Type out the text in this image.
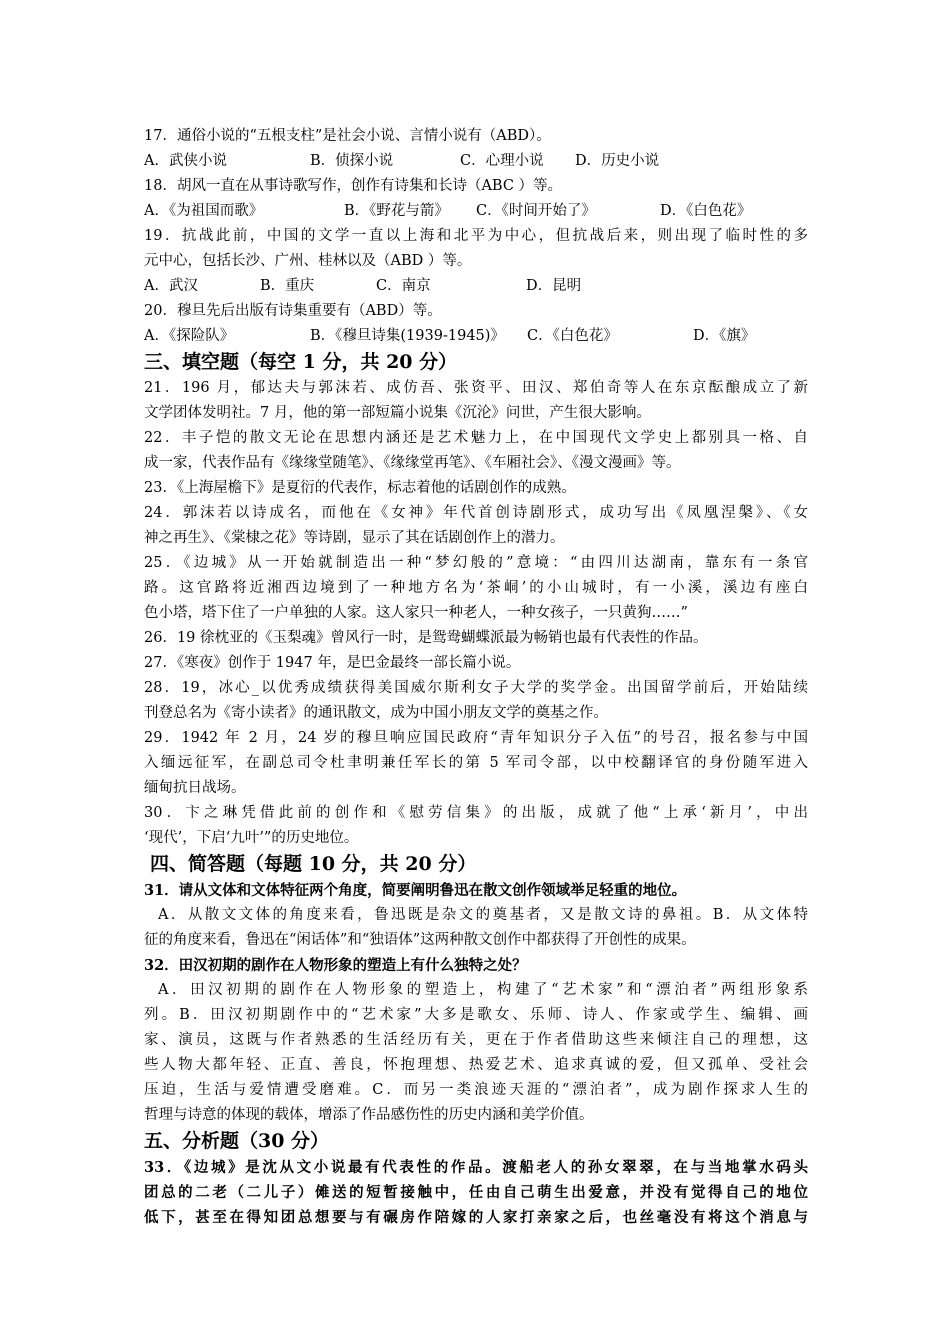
17．通俗小说的“五根支柱”是社会小说、言情小说有（ABD）。
A．武侠小说	B．侦探小说	C．心理小说	D．历史小说
18．胡风一直在从事诗歌写作，创作有诗集和长诗（ABC ）等。
A．《为祖国而歌》	B．《野花与箭》	C．《时间开始了》	D．《白色花》
19．抗战此前，中国的文学一直以上海和北平为中心，但抗战后来，则出现了临时性的多
元中心，包括长沙、广州、桂林以及（ABD ）等。
A．武汉	B．重庆	C．南京	D．昆明
20．穆旦先后出版有诗集重要有（ABD）等。
A．《探险队》	B．《穆旦诗集(1939-1945)》	C．《白色花》	D．《旗》
三、填空题（每空 1 分，共 20 分）
21．196 月，郁达夫与郭沫若、成仿吾、张资平、田汉、郑伯奇等人在东京酝酿成立了新
文学团体发明社。7 月，他的第一部短篇小说集《沉沦》问世，产生很大影响。
22．丰子恺的散文无论在思想内涵还是艺术魅力上，在中国现代文学史上都别具一格、自
成一家，代表作品有《缘缘堂随笔》、《缘缘堂再笔》、《车厢社会》、《漫文漫画》等。
23．《上海屋檐下》是夏衍的代表作，标志着他的话剧创作的成熟。
24．郭沫若以诗成名，而他在《女神》年代首创诗剧形式，成功写出《凤凰涅槃》、《女
神之再生》、《棠棣之花》等诗剧，显示了其在话剧创作上的潜力。
25．《边城》从一开始就制造出一种“梦幻般的”意境：“由四川达湖南，靠东有一条官
路。这官路将近湘西边境到了一种地方名为‘茶峒’的小山城时，有一小溪，溪边有座白
色小塔，塔下住了一户单独的人家。这人家只一种老人，一种女孩子，一只黄狗……”
26．19 徐枕亚的《玉梨魂》曾风行一时，是鸳鸯蝴蝶派最为畅销也最有代表性的作品。
27．《寒夜》创作于 1947 年，是巴金最终一部长篇小说。
28．19，冰心_以优秀成绩获得美国威尔斯利女子大学的奖学金。出国留学前后，开始陆续
刊登总名为《寄小读者》的通讯散文，成为中国小朋友文学的奠基之作。
29．1942 年 2 月，24 岁的穆旦响应国民政府“青年知识分子入伍”的号召，报名参与中国
入缅远征军，在副总司令杜聿明兼任军长的第 5 军司令部，以中校翻译官的身份随军进入
缅甸抗日战场。
30．卞之琳凭借此前的创作和《慰劳信集》的出版，成就了他“上承‘新月’，中出
‘现代’，下启‘九叶’”的历史地位。
四、简答题（每题 10 分，共 20 分）
31．请从文体和文体特征两个角度，简要阐明鲁迅在散文创作领域举足轻重的地位。
A．从散文文体的角度来看，鲁迅既是杂文的奠基者，又是散文诗的鼻祖。B．从文体特
征的角度来看，鲁迅在“闲话体”和“独语体”这两种散文创作中都获得了开创性的成果。
32．田汉初期的剧作在人物形象的塑造上有什么独特之处？
A．田汉初期的剧作在人物形象的塑造上，构建了“艺术家”和“漂泊者”两组形象系
列。B．田汉初期剧作中的“艺术家”大多是歌女、乐师、诗人、作家或学生、编辑、画
家、演员，这既与作者熟悉的生活经历有关，更在于作者借助这些来倾注自己的理想，这
些人物大都年轻、正直、善良，怀抱理想、热爱艺术、追求真诚的爱，但又孤单、受社会
压迫，生活与爱情遭受磨难。C．而另一类浪迹天涯的“漂泊者”，成为剧作探求人生的
哲理与诗意的体现的载体，增添了作品感伤性的历史内涵和美学价值。
五、分析题（30 分）
33．《边城》是沈从文小说最有代表性的作品。渡船老人的孙女翠翠，在与当地掌水码头
团总的二老（二儿子）傩送的短暂接触中，任由自己萌生出爱意，并没有觉得自己的地位
低下，甚至在得知团总想要与有碾房作陪嫁的人家打亲家之后，也丝毫没有将这个消息与
